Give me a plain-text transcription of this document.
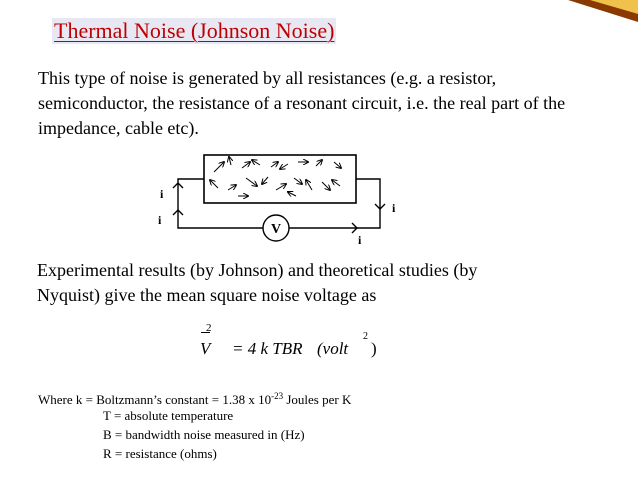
Thermal Noise (Johnson Noise)
This type of noise is generated by all resistances (e.g. a resistor, semiconductor, the resistance of a resonant circuit, i.e. the real part of the impedance, cable etc).
V
i
i
i
i
Experimental results (by Johnson) and theoretical studies (by Nyquist) give the mean square noise voltage as
2
V = 4 k TBR (volt
2
)
Where k = Boltzmann’s constant = 1.38 x $10^{-23}$ Joules per K
T = absolute temperature
B = bandwidth noise measured in (Hz)
R = resistance (ohms)
